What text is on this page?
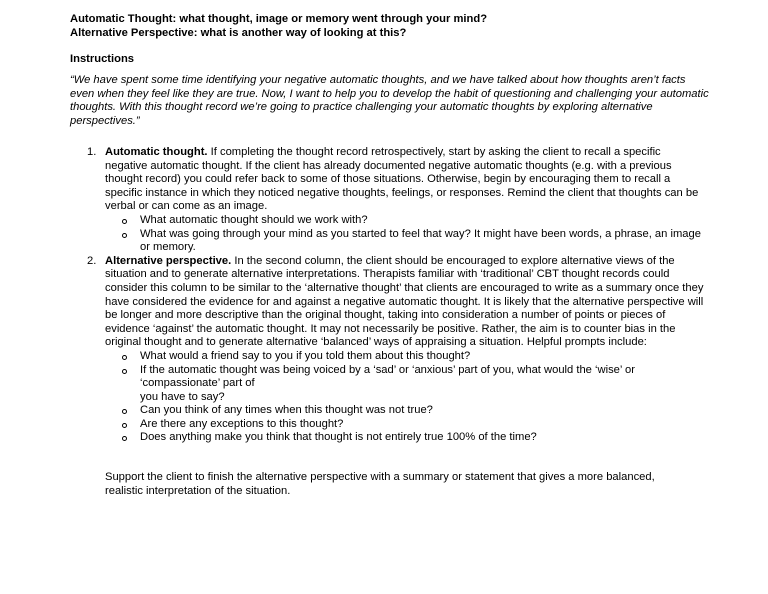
Automatic Thought: what thought, image or memory went through your mind?
Alternative Perspective: what is another way of looking at this?
Instructions
“We have spent some time identifying your negative automatic thoughts, and we have talked about how thoughts aren’t facts even when they feel like they are true. Now, I want to help you to develop the habit of questioning and challenging your automatic thoughts. With this thought record we’re going to practice challenging your automatic thoughts by exploring alternative perspectives.”
1. Automatic thought. If completing the thought record retrospectively, start by asking the client to recall a specific negative automatic thought. If the client has already documented negative automatic thoughts (e.g. with a previous thought record) you could refer back to some of those situations. Otherwise, begin by encouraging them to recall a specific instance in which they noticed negative thoughts, feelings, or responses. Remind the client that thoughts can be verbal or can come as an image.
What automatic thought should we work with?
What was going through your mind as you started to feel that way? It might have been words, a phrase, an image or memory.
2. Alternative perspective. In the second column, the client should be encouraged to explore alternative views of the situation and to generate alternative interpretations. Therapists familiar with ‘traditional’ CBT thought records could consider this column to be similar to the ‘alternative thought’ that clients are encouraged to write as a summary once they have considered the evidence for and against a negative automatic thought. It is likely that the alternative perspective will be longer and more descriptive than the original thought, taking into consideration a number of points or pieces of evidence ‘against’ the automatic thought. It may not necessarily be positive. Rather, the aim is to counter bias in the original thought and to generate alternative ‘balanced’ ways of appraising a situation. Helpful prompts include:
What would a friend say to you if you told them about this thought?
If the automatic thought was being voiced by a ‘sad’ or ‘anxious’ part of you, what would the ‘wise’ or ‘compassionate’ part of
you have to say?
Can you think of any times when this thought was not true?
Are there any exceptions to this thought?
Does anything make you think that thought is not entirely true 100% of the time?
Support the client to finish the alternative perspective with a summary or statement that gives a more balanced, realistic interpretation of the situation.
